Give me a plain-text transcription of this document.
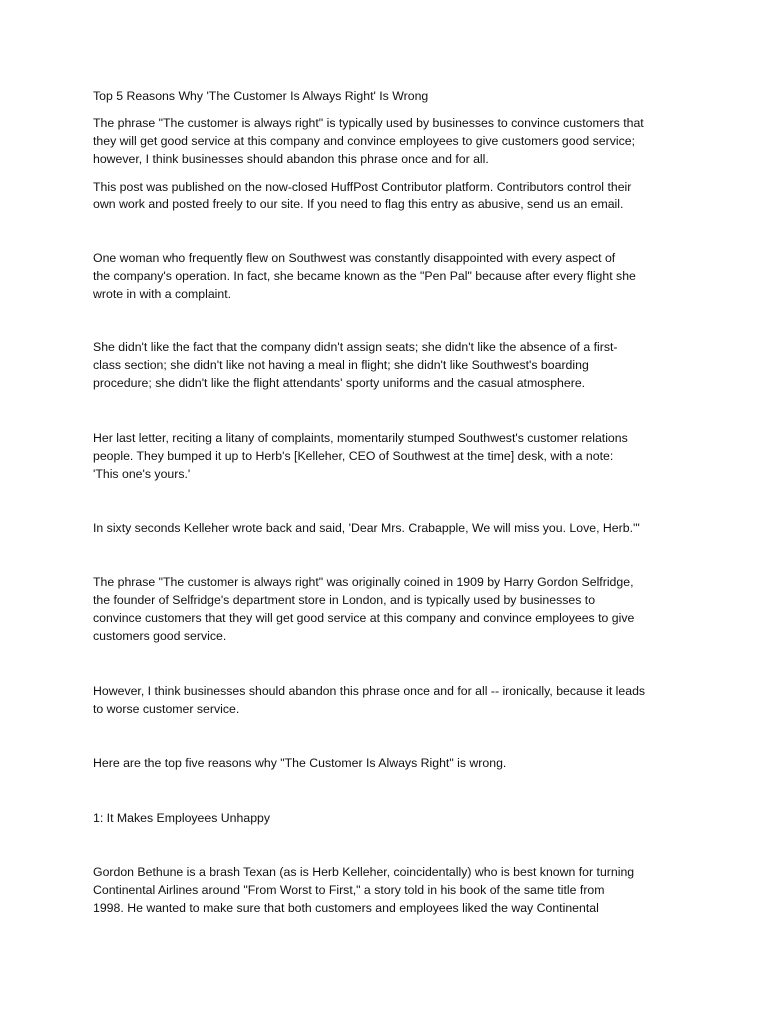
Top 5 Reasons Why 'The Customer Is Always Right' Is Wrong

The phrase "The customer is always right" is typically used by businesses to convince customers that

they will get good service at this company and convince employees to give customers good service;

however, I think businesses should abandon this phrase once and for all.

This post was published on the now-closed HuffPost Contributor platform. Contributors control their

own work and posted freely to our site. If you need to flag this entry as abusive, send us an email.

One woman who frequently flew on Southwest was constantly disappointed with every aspect of

the company's operation. In fact, she became known as the "Pen Pal" because after every flight she

wrote in with a complaint.

She didn't like the fact that the company didn't assign seats; she didn't like the absence of a first-

class section; she didn't like not having a meal in flight; she didn't like Southwest's boarding

procedure; she didn't like the flight attendants' sporty uniforms and the casual atmosphere.

Her last letter, reciting a litany of complaints, momentarily stumped Southwest's customer relations

people. They bumped it up to Herb's [Kelleher, CEO of Southwest at the time] desk, with a note:

'This one's yours.'

In sixty seconds Kelleher wrote back and said, 'Dear Mrs. Crabapple, We will miss you. Love, Herb.'"

The phrase "The customer is always right" was originally coined in 1909 by Harry Gordon Selfridge,

the founder of Selfridge's department store in London, and is typically used by businesses to

convince customers that they will get good service at this company and convince employees to give

customers good service.

However, I think businesses should abandon this phrase once and for all -- ironically, because it leads

to worse customer service.

Here are the top five reasons why "The Customer Is Always Right" is wrong.

1: It Makes Employees Unhappy

Gordon Bethune is a brash Texan (as is Herb Kelleher, coincidentally) who is best known for turning

Continental Airlines around "From Worst to First," a story told in his book of the same title from

1998. He wanted to make sure that both customers and employees liked the way Continental
